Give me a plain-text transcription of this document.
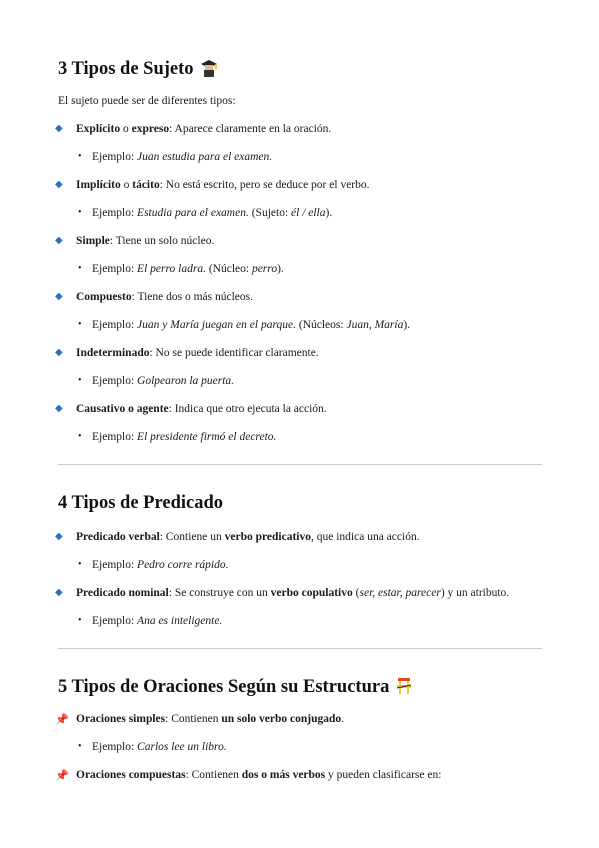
3 Tipos de Sujeto
El sujeto puede ser de diferentes tipos:
◆	Explícito o expreso: Aparece claramente en la oración.
• Ejemplo: Juan estudia para el examen.
◆	Implícito o tácito: No está escrito, pero se deduce por el verbo.
• Ejemplo: Estudia para el examen. (Sujeto: él / ella).
◆	Simple: Tiene un solo núcleo.
• Ejemplo: El perro ladra. (Núcleo: perro).
◆	Compuesto: Tiene dos o más núcleos.
• Ejemplo: Juan y María juegan en el parque. (Núcleos: Juan, María).
◆	Indeterminado: No se puede identificar claramente.
• Ejemplo: Golpearon la puerta.
◆	Causativo o agente: Indica que otro ejecuta la acción.
• Ejemplo: El presidente firmó el decreto.
4 Tipos de Predicado
◆	Predicado verbal: Contiene un verbo predicativo, que indica una acción.
• Ejemplo: Pedro corre rápido.
◆	Predicado nominal: Se construye con un verbo copulativo (ser, estar, parecer) y un atributo.
• Ejemplo: Ana es inteligente.
5 Tipos de Oraciones Según su Estructura
📌 Oraciones simples: Contienen un solo verbo conjugado.
• Ejemplo: Carlos lee un libro.
📌 Oraciones compuestas: Contienen dos o más verbos y pueden clasificarse en:
